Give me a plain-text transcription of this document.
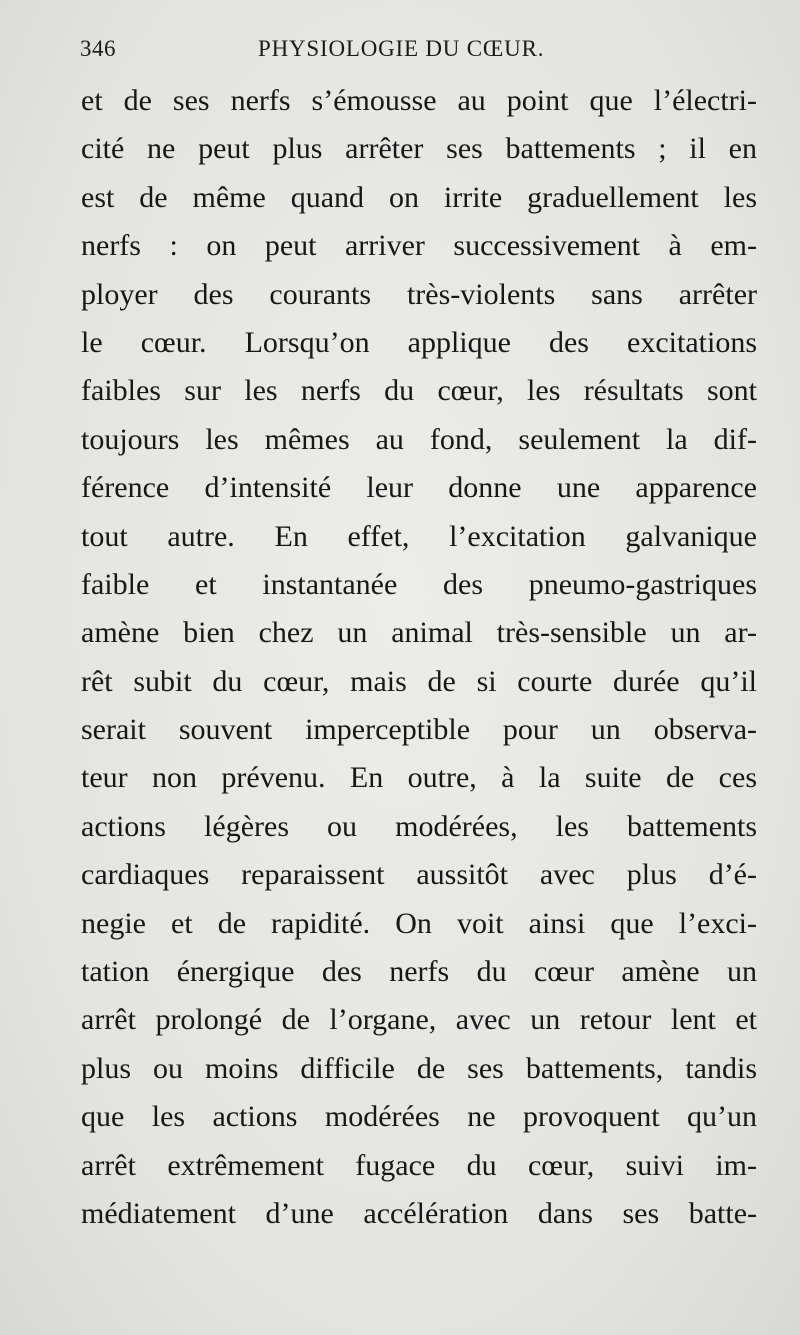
346	PHYSIOLOGIE DU CŒUR.
et de ses nerfs s’émousse au point que l’électri-
cité ne peut plus arrêter ses battements ; il en
est de même quand on irrite graduellement les
nerfs : on peut arriver successivement à em-
ployer des courants très-violents sans arrêter
le cœur. Lorsqu’on applique des excitations
faibles sur les nerfs du cœur, les résultats sont
toujours les mêmes au fond, seulement la dif-
férence d’intensité leur donne une apparence
tout autre. En effet, l’excitation galvanique
faible et instantanée des pneumo-gastriques
amène bien chez un animal très-sensible un ar-
rêt subit du cœur, mais de si courte durée qu’il
serait souvent imperceptible pour un observa-
teur non prévenu. En outre, à la suite de ces
actions légères ou modérées, les battements
cardiaques reparaissent aussitôt avec plus d’é-
negie et de rapidité. On voit ainsi que l’exci-
tation énergique des nerfs du cœur amène un
arrêt prolongé de l’organe, avec un retour lent et
plus ou moins difficile de ses battements, tandis
que les actions modérées ne provoquent qu’un
arrêt extrêmement fugace du cœur, suivi im-
médiatement d’une accélération dans ses batte-
